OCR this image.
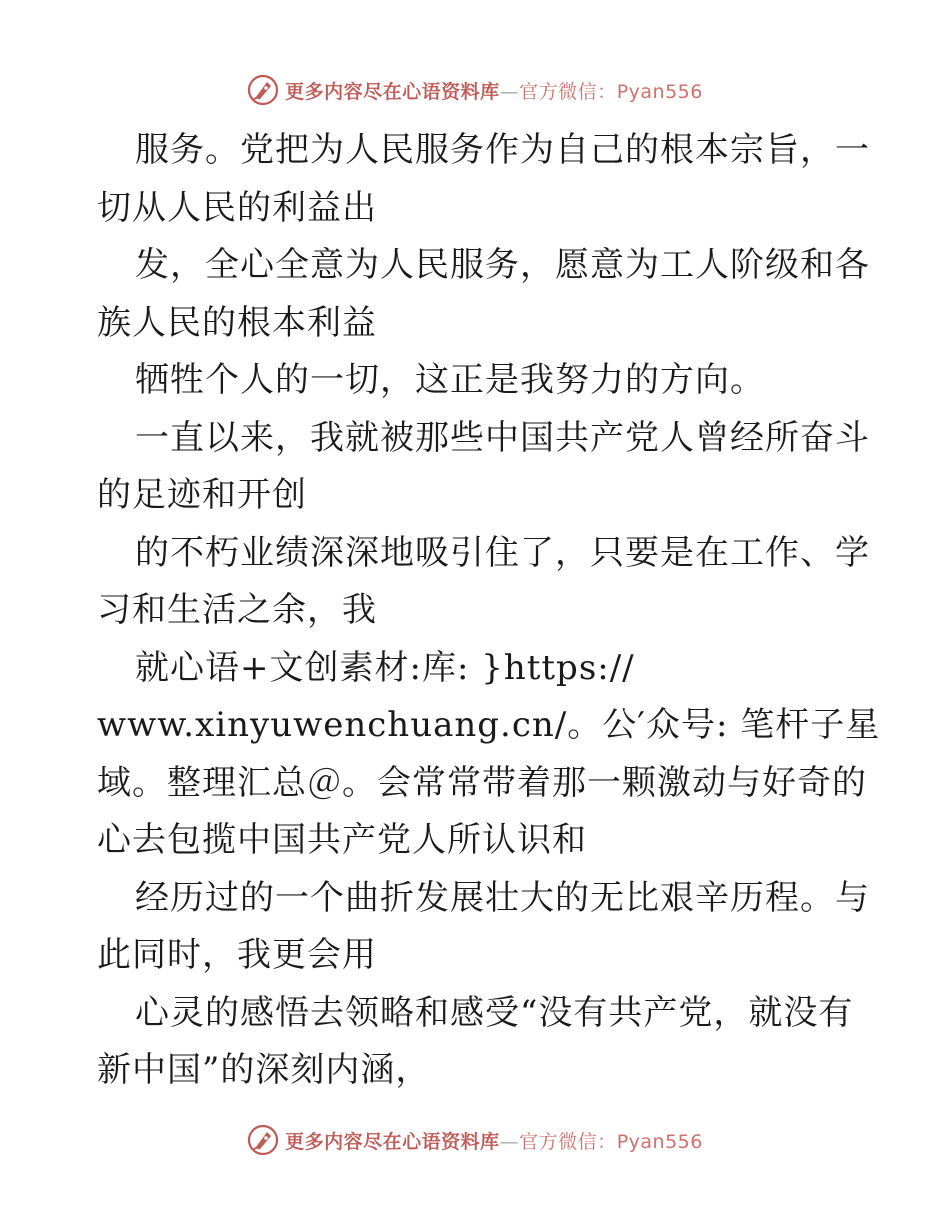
更多内容尽在心语资料库—官方微信：Pyan556
服务。党把为人民服务作为自己的根本宗旨，一
切从人民的利益出
发，全心全意为人民服务，愿意为工人阶级和各
族人民的根本利益
牺牲个人的一切，这正是我努力的方向。
一直以来，我就被那些中国共产党人曾经所奋斗
的足迹和开创
的不朽业绩深深地吸引住了，只要是在工作、学
习和生活之余，我
就心语+文创素材:库: }https://
www.xinyuwenchuang.cn/。公′众号: 笔杆子星
域。整理汇总＠。会常常带着那一颗激动与好奇的
心去包揽中国共产党人所认识和
经历过的一个曲折发展壮大的无比艰辛历程。与
此同时，我更会用
心灵的感悟去领略和感受“没有共产党，就没有
新中国”的深刻内涵，
更多内容尽在心语资料库—官方微信：Pyan556
